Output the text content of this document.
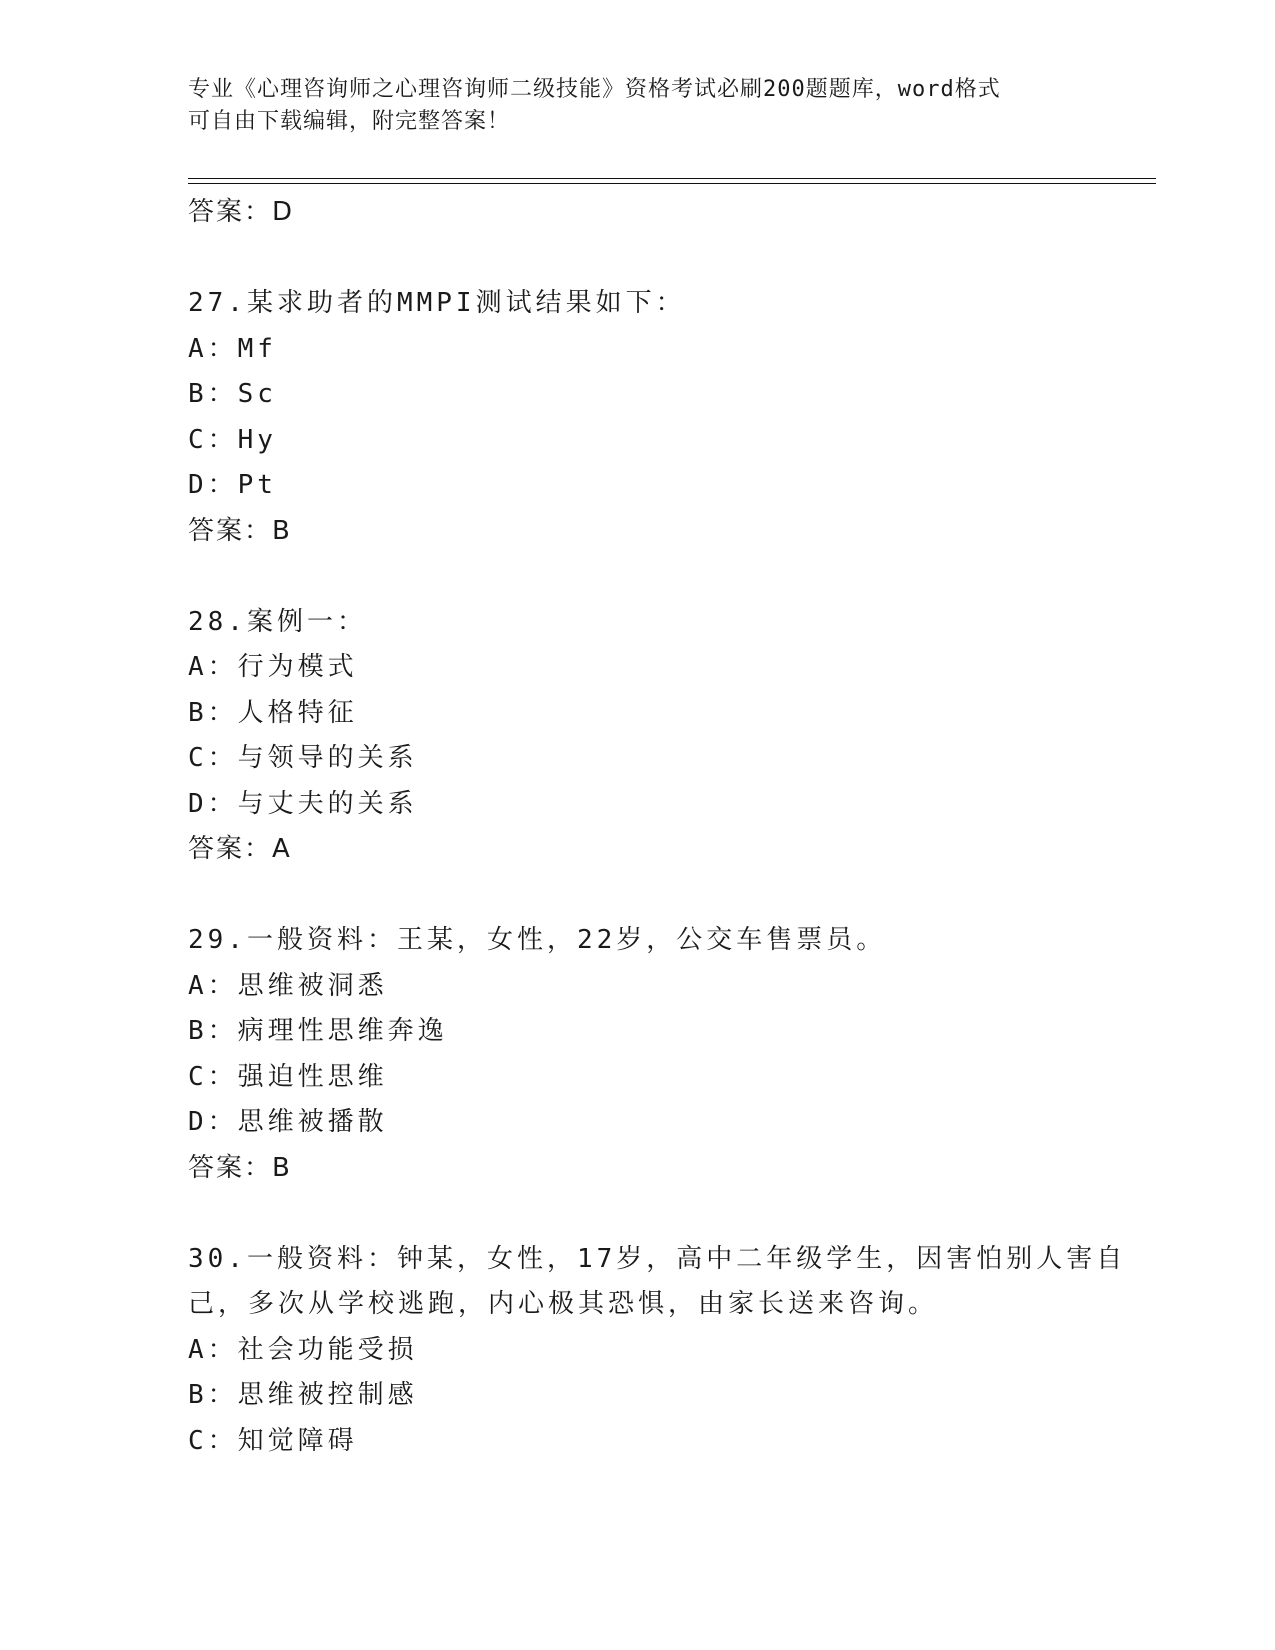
专业《心理咨询师之心理咨询师二级技能》资格考试必刷200题题库，word格式
可自由下载编辑，附完整答案！
答案：D
27.某求助者的MMPI测试结果如下：
A：Mf
B：Sc
C：Hy
D：Pt
答案：B
28.案例一：
A：行为模式
B：人格特征
C：与领导的关系
D：与丈夫的关系
答案：A
29.一般资料：王某，女性，22岁，公交车售票员。
A：思维被洞悉
B：病理性思维奔逸
C：强迫性思维
D：思维被播散
答案：B
30.一般资料：钟某，女性，17岁，高中二年级学生，因害怕别人害自
己，多次从学校逃跑，内心极其恐惧，由家长送来咨询。
A：社会功能受损
B：思维被控制感
C：知觉障碍
